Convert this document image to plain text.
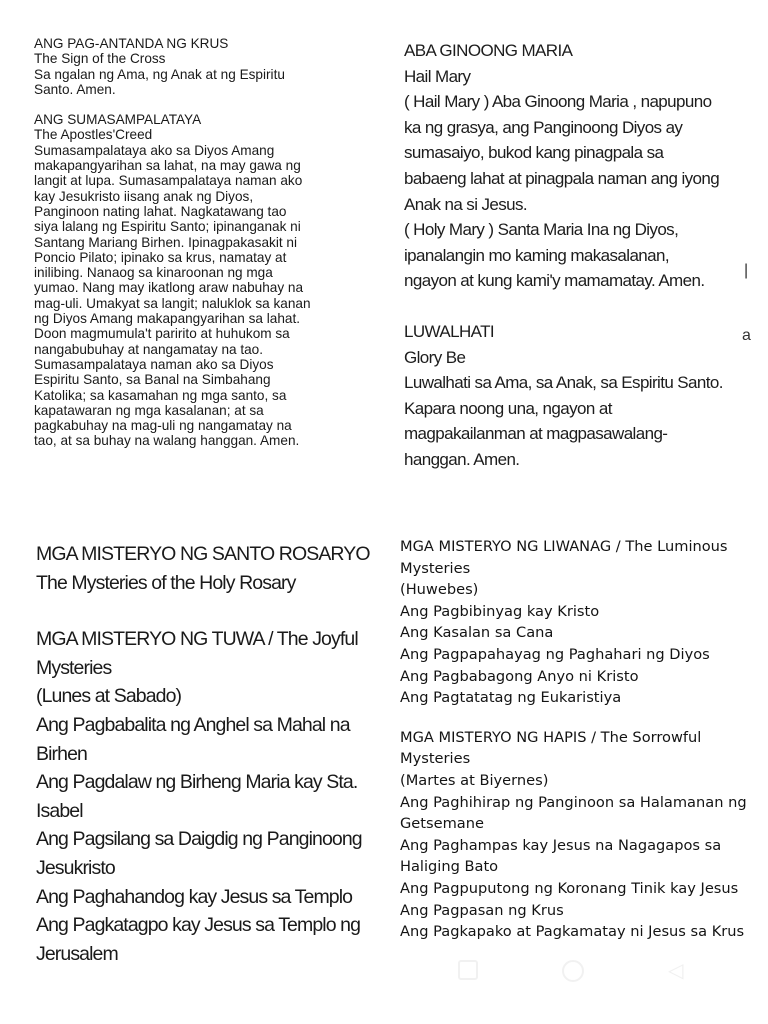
ANG PAG-ANTANDA NG KRUS
The Sign of the Cross
Sa ngalan ng Ama, ng Anak at ng Espiritu
Santo. Amen.
ANG SUMASAMPALATAYA
The Apostles'Creed
Sumasampalataya ako sa Diyos Amang
makapangyarihan sa lahat, na may gawa ng
langit at lupa. Sumasampalataya naman ako
kay Jesukristo iisang anak ng Diyos,
Panginoon nating lahat. Nagkatawang tao
siya lalang ng Espiritu Santo; ipinanganak ni
Santang Mariang Birhen. Ipinagpakasakit ni
Poncio Pilato; ipinako sa krus, namatay at
inilibing. Nanaog sa kinaroonan ng mga
yumao. Nang may ikatlong araw nabuhay na
mag-uli. Umakyat sa langit; naluklok sa kanan
ng Diyos Amang makapangyarihan sa lahat.
Doon magmumula't paririto at huhukom sa
nangabubuhay at nangamatay na tao.
Sumasampalataya naman ako sa Diyos
Espiritu Santo, sa Banal na Simbahang
Katolika; sa kasamahan ng mga santo, sa
kapatawaran ng mga kasalanan; at sa
pagkabuhay na mag-uli ng nangamatay na
tao, at sa buhay na walang hanggan. Amen.
ABA GINOONG MARIA
Hail Mary
( Hail Mary ) Aba Ginoong Maria , napupuno
ka ng grasya, ang Panginoong Diyos ay
sumasaiyo, bukod kang pinagpala sa
babaeng lahat at pinagpala naman ang iyong
Anak na si Jesus.
( Holy Mary ) Santa Maria Ina ng Diyos,
ipanalangin mo kaming makasalanan,
ngayon at kung kami'y mamamatay. Amen.
LUWALHATI
Glory Be
Luwalhati sa Ama, sa Anak, sa Espiritu Santo.
Kapara noong una, ngayon at
magpakailanman at magpasawalang-
hanggan. Amen.
MGA MISTERYO NG SANTO ROSARYO
The Mysteries of the Holy Rosary
MGA MISTERYO NG TUWA / The Joyful Mysteries
(Lunes at Sabado)
Ang Pagbabalita ng Anghel sa Mahal na Birhen
Ang Pagdalaw ng Birheng Maria kay Sta. Isabel
Ang Pagsilang sa Daigdig ng Panginoong Jesukristo
Ang Paghahandog kay Jesus sa Templo
Ang Pagkatagpo kay Jesus sa Templo ng Jerusalem
MGA MISTERYO NG LIWANAG / The Luminous Mysteries
(Huwebes)
Ang Pagbibinyag kay Kristo
Ang Kasalan sa Cana
Ang Pagpapahayag ng Paghahari ng Diyos
Ang Pagbabagong Anyo ni Kristo
Ang Pagtatatag ng Eukaristiya
MGA MISTERYO NG HAPIS / The Sorrowful Mysteries
(Martes at Biyernes)
Ang Paghihirap ng Panginoon sa Halamanan ng Getsemane
Ang Paghampas kay Jesus na Nagagapos sa Haliging Bato
Ang Pagpuputong ng Koronang Tinik kay Jesus
Ang Pagpasan ng Krus
Ang Pagkapako at Pagkamatay ni Jesus sa Krus
|
a
◁
